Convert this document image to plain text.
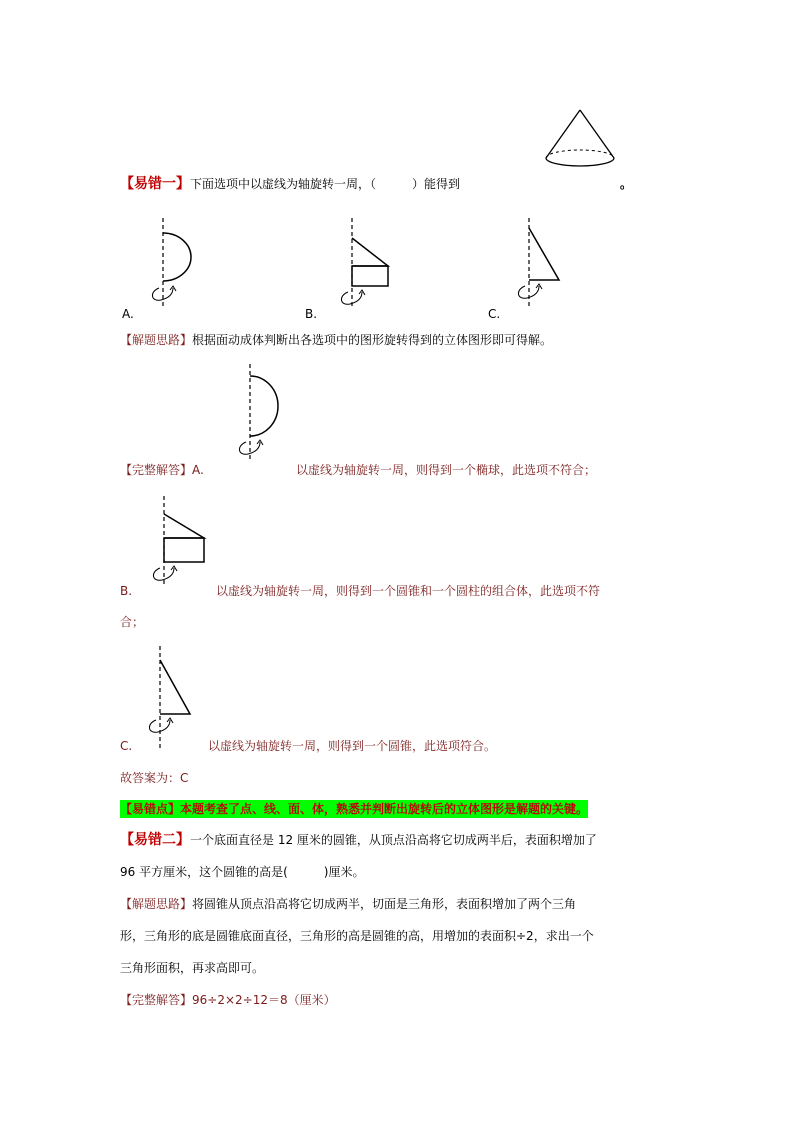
【易错一】下面选项中以虚线为轴旋转一周，（　　　	）能得到	。
A.	B.	C.
【解题思路】根据面动成体判断出各选项中的图形旋转得到的立体图形即可得解。
【完整解答】A.	以虚线为轴旋转一周，则得到一个椭球，此选项不符合；
B.	以虚线为轴旋转一周，则得到一个圆锥和一个圆柱的组合体，此选项不符
合；
C.	以虚线为轴旋转一周，则得到一个圆锥，此选项符合。
故答案为：C
【易错点】本题考查了点、线、面、体，熟悉并判断出旋转后的立体图形是解题的关键。
【易错二】一个底面直径是 12 厘米的圆锥，从顶点沿高将它切成两半后，表面积增加了
96 平方厘米，这个圆锥的高是(　　　	)厘米。
【解题思路】将圆锥从顶点沿高将它切成两半，切面是三角形，表面积增加了两个三角
形，三角形的底是圆锥底面直径，三角形的高是圆锥的高，用增加的表面积÷2，求出一个
三角形面积，再求高即可。
【完整解答】96÷2×2÷12＝8（厘米）
